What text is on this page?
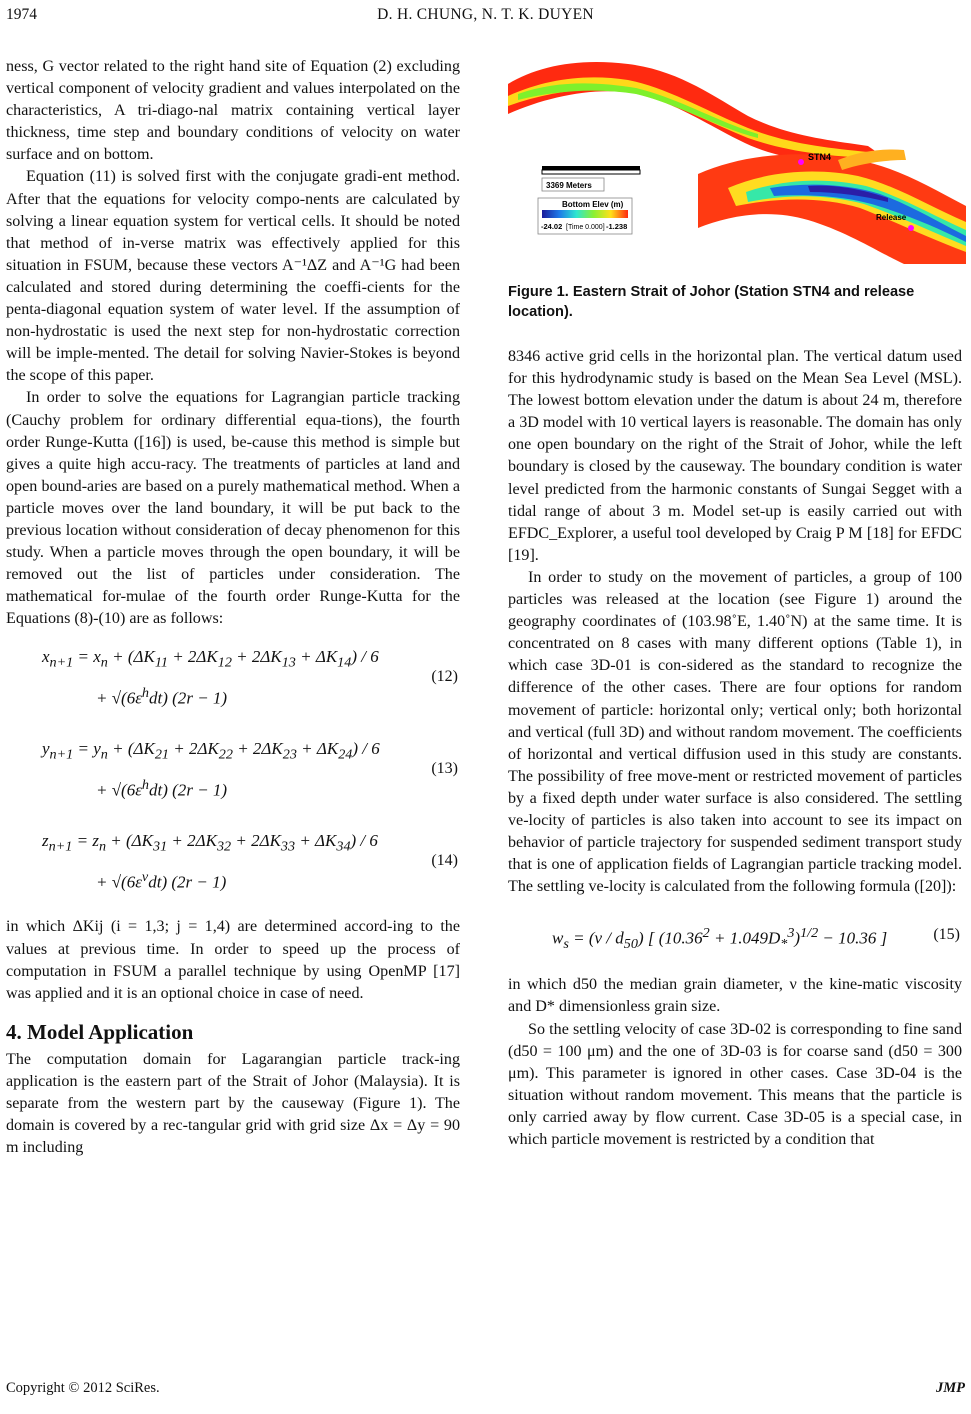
1974	D. H. CHUNG, N. T. K. DUYEN

ness, G vector related to the right hand site of Equation (2) excluding vertical component of velocity gradient and values interpolated on the characteristics, A tri-diago-nal matrix containing vertical layer thickness, time step and boundary conditions of velocity on water surface and on bottom.

Equation (11) is solved first with the conjugate gradi-ent method. After that the equations for velocity compo-nents are calculated by solving a linear equation system for vertical cells. It should be noted that method of in-verse matrix was effectively applied for this situation in FSUM, because these vectors A⁻¹ΔZ and A⁻¹G had been calculated and stored during determining the coeffi-cients for the penta-diagonal equation system of water level. If the assumption of non-hydrostatic is used the next step for non-hydrostatic correction will be imple-mented. The detail for solving Navier-Stokes is beyond the scope of this paper.

In order to solve the equations for Lagrangian particle tracking (Cauchy problem for ordinary differential equa-tions), the fourth order Runge-Kutta ([16]) is used, be-cause this method is simple but gives a quite high accu-racy. The treatments of particles at land and open bound-aries are based on a purely mathematical method. When a particle moves over the land boundary, it will be put back to the previous location without consideration of decay phenomenon for this study. When a particle moves through the open boundary, it will be removed out the list of particles under consideration. The mathematical for-mulae of the fourth order Runge-Kutta for the Equations (8)-(10) are as follows:

$x_{n+1} = x_n + (\Delta K_{11} + 2\Delta K_{12} + 2\Delta K_{13} + \Delta K_{14}) / 6$
+ $√(6\varepsilon^hdt) (2r - 1)$
(12)
$y_{n+1} = y_n + (\Delta K_{21} + 2\Delta K_{22} + 2\Delta K_{23} + \Delta K_{24}) / 6$
+ $√(6\varepsilon^hdt) (2r - 1)$
(13)
$z_{n+1} = z_n + (\Delta K_{31} + 2\Delta K_{32} + 2\Delta K_{33} + \Delta K_{34}) / 6$
+ $√(6\varepsilon^vdt) (2r - 1)$
(14)

in which ΔKij (i = 1,3; j = 1,4) are determined accord-ing to the values at previous time. In order to speed up the process of computation in FSUM a parallel technique by using OpenMP [17] was applied and it is an optional choice in case of need.

4. Model Application

The computation domain for Lagarangian particle track-ing application is the eastern part of the Strait of Johor (Malaysia). It is separate from the western part by the causeway (Figure 1). The domain is covered by a rec-tangular grid with grid size Δx = Δy = 90 m including

3369 Meters
Bottom Elev (m)
-24.02 [Time 0.000] -1.238
STN4
Release
Figure 1. Eastern Strait of Johor (Station STN4 and release location).

8346 active grid cells in the horizontal plan. The vertical datum used for this hydrodynamic study is based on the Mean Sea Level (MSL). The lowest bottom elevation under the datum is about 24 m, therefore a 3D model with 10 vertical layers is reasonable. The domain has only one open boundary on the right of the Strait of Johor, while the left boundary is closed by the causeway. The boundary condition is water level predicted from the harmonic constants of Sungai Segget with a tidal range of about 3 m. Model set-up is easily carried out with EFDC_Explorer, a useful tool developed by Craig P M [18] for EFDC [19].

In order to study on the movement of particles, a group of 100 particles was released at the location (see Figure 1) around the geography coordinates of (103.98˚E, 1.40˚N) at the same time. It is concentrated on 8 cases with many different options (Table 1), in which case 3D-01 is con-sidered as the standard to recognize the difference of the other cases. There are four options for random movement of particle: horizontal only; vertical only; both horizontal and vertical (full 3D) and without random movement. The coefficients of horizontal and vertical diffusion used in this study are constants. The possibility of free move-ment or restricted movement of particles by a fixed depth under water surface is also considered. The settling ve-locity of particles is also taken into account to see its impact on behavior of particle trajectory for suspended sediment transport study that is one of application fields of Lagrangian particle tracking model. The settling ve-locity is calculated from the following formula ([20]):

$w_s = (\nu / d_{50})$ [ $(10.36^2 + 1.049D_*^3)^{1/2} - 10.36$ ]	(15)

in which d50 the median grain diameter, ν the kine-matic viscosity and D* dimensionless grain size.

So the settling velocity of case 3D-02 is corresponding to fine sand (d50 = 100 μm) and the one of 3D-03 is for coarse sand (d50 = 300 μm). This parameter is ignored in other cases. Case 3D-04 is the situation without random movement. This means that the particle is only carried away by flow current. Case 3D-05 is a special case, in which particle movement is restricted by a condition that

Copyright © 2012 SciRes.	JMP
